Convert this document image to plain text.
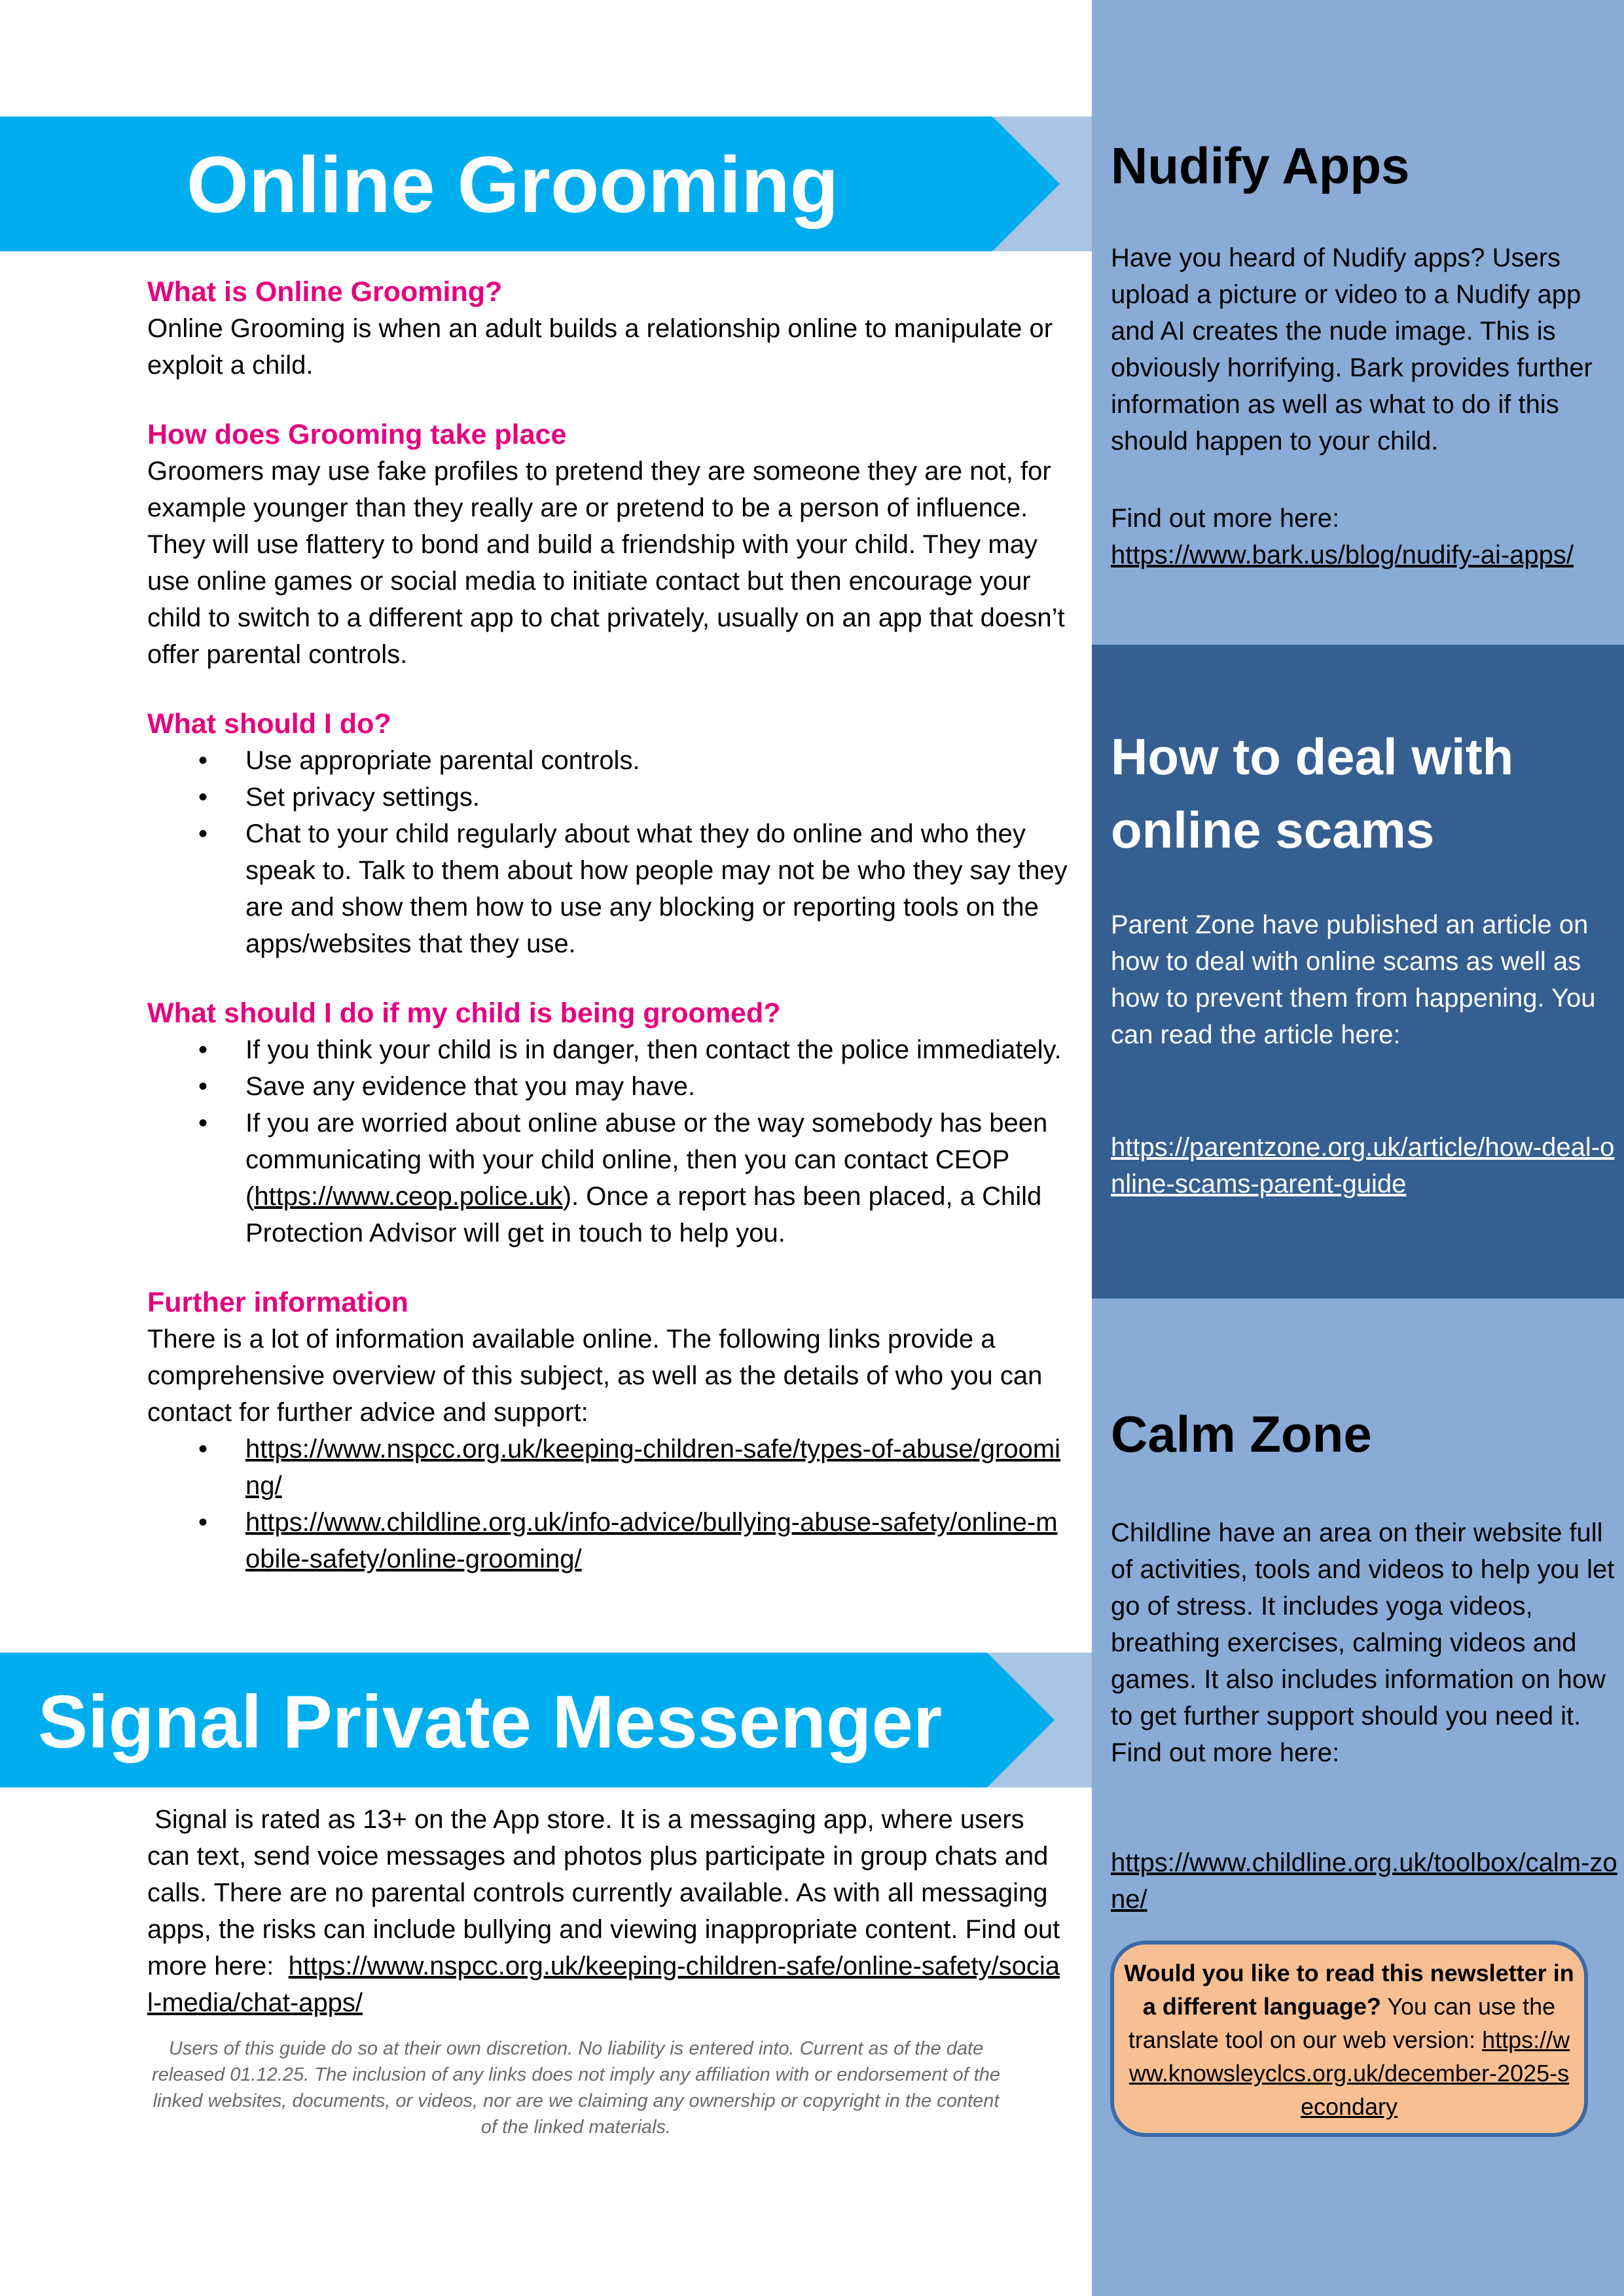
Nudify Apps
Have you heard of Nudify apps? Users upload a picture or video to a Nudify app and AI creates the nude image. This is obviously horrifying. Bark provides further information as well as what to do if this should happen to your child.
Find out more here:
https://www.bark.us/blog/nudify-ai-apps/
How to deal with online scams
Parent Zone have published an article on how to deal with online scams as well as how to prevent them from happening. You can read the article here:
https://parentzone.org.uk/article/how-deal-online-scams-parent-guide
Calm Zone
Childline have an area on their website full of activities, tools and videos to help you let go of stress. It includes yoga videos, breathing exercises, calming videos and games. It also includes information on how to get further support should you need it. Find out more here:
https://www.childline.org.uk/toolbox/calm-zone/
Would you like to read this newsletter in a different language? You can use the translate tool on our web version: https://www.knowsleyclcs.org.uk/december-2025-secondary
Online Grooming
What is Online Grooming?

Online Grooming is when an adult builds a relationship online to manipulate or exploit a child.

How does Grooming take place

Groomers may use fake profiles to pretend they are someone they are not, for example younger than they really are or pretend to be a person of influence. They will use flattery to bond and build a friendship with your child. They may use online games or social media to initiate contact but then encourage your child to switch to a different app to chat privately, usually on an app that doesn’t offer parental controls.

What should I do?
• Use appropriate parental controls.
• Set privacy settings.
• Chat to your child regularly about what they do online and who they speak to. Talk to them about how people may not be who they say they are and show them how to use any blocking or reporting tools on the apps/websites that they use.
What should I do if my child is being groomed?
• If you think your child is in danger, then contact the police immediately.
• Save any evidence that you may have.
• If you are worried about online abuse or the way somebody has been communicating with your child online, then you can contact CEOP (https://www.ceop.police.uk). Once a report has been placed, a Child Protection Advisor will get in touch to help you.
Further information

There is a lot of information available online. The following links provide a comprehensive overview of this subject, as well as the details of who you can contact for further advice and support:

• https://www.nspcc.org.uk/keeping-children-safe/types-of-abuse/grooming/
• https://www.childline.org.uk/info-advice/bullying-abuse-safety/online-mobile-safety/online-grooming/
Signal Private Messenger
Signal is rated as 13+ on the App store. It is a messaging app, where users can text, send voice messages and photos plus participate in group chats and calls. There are no parental controls currently available. As with all messaging apps, the risks can include bullying and viewing inappropriate content. Find out more here:  https://www.nspcc.org.uk/keeping-children-safe/online-safety/social-media/chat-apps/
Users of this guide do so at their own discretion. No liability is entered into. Current as of the date released 01.12.25. The inclusion of any links does not imply any affiliation with or endorsement of the linked websites, documents, or videos, nor are we claiming any ownership or copyright in the content of the linked materials.
